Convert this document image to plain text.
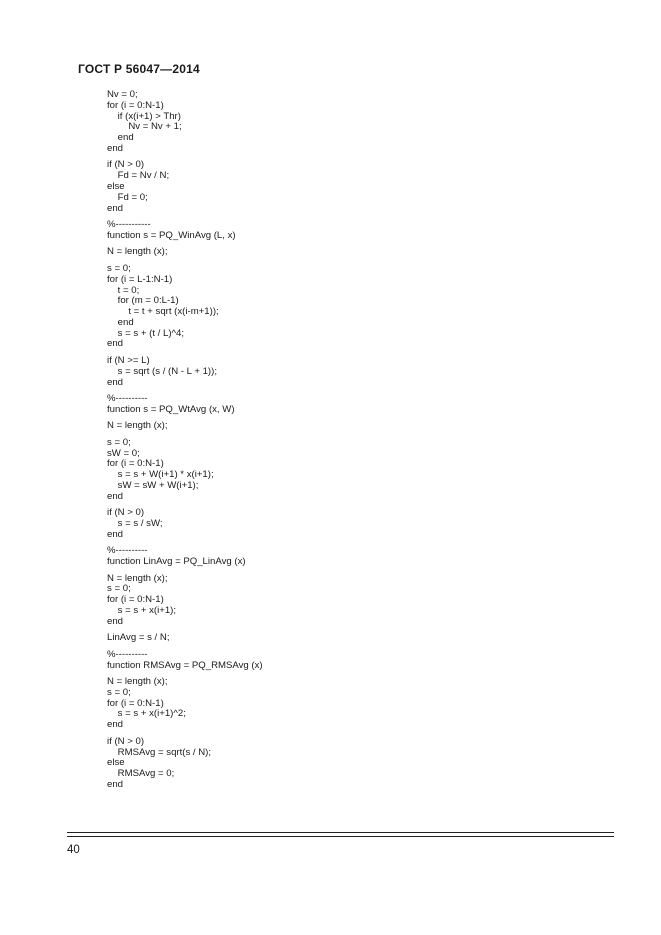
ГОСТ Р 56047—2014
Nv = 0;
for (i = 0:N-1)
if (x(i+1) > Thr)
Nv = Nv + 1;
end
end
if (N > 0)
Fd = Nv / N;
else
Fd = 0;
end
%-----------
function s = PQ_WinAvg (L, x)
N = length (x);
s = 0;
for (i = L-1:N-1)
t = 0;
for (m = 0:L-1)
t = t + sqrt (x(i-m+1));
end
s = s + (t / L)^4;
end
if (N >= L)
s = sqrt (s / (N - L + 1));
end
%----------
function s = PQ_WtAvg (x, W)
N = length (x);
s = 0;
sW = 0;
for (i = 0:N-1)
s = s + W(i+1) * x(i+1);
sW = sW + W(i+1);
end
if (N > 0)
s = s / sW;
end
%----------
function LinAvg = PQ_LinAvg (x)
N = length (x);
s = 0;
for (i = 0:N-1)
s = s + x(i+1);
end
LinAvg = s / N;
%----------
function RMSAvg = PQ_RMSAvg (x)
N = length (x);
s = 0;
for (i = 0:N-1)
s = s + x(i+1)^2;
end
if (N > 0)
RMSAvg = sqrt(s / N);
else
RMSAvg = 0;
end
40
